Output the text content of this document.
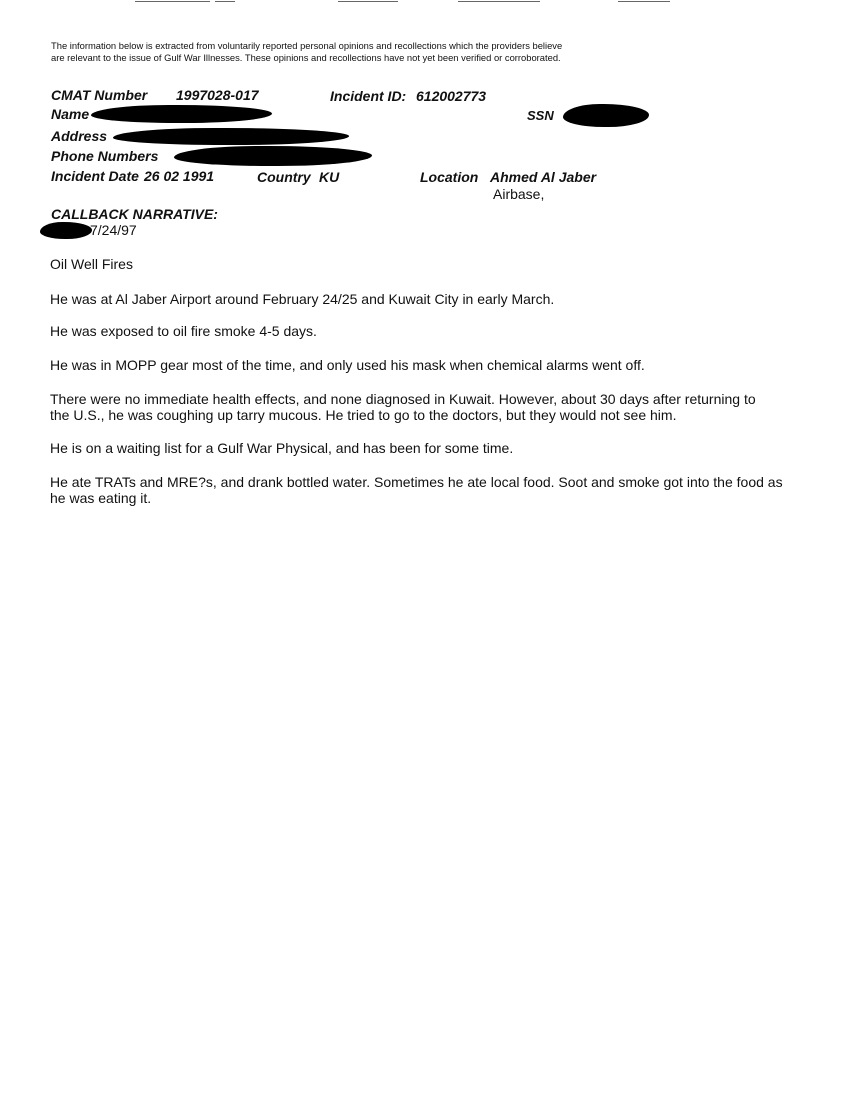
The information below is extracted from voluntarily reported personal opinions and recollections which the providers believe are relevant to the issue of Gulf War Illnesses. These opinions and recollections have not yet been verified or corroborated.
CMAT Number 1997028-017	Incident ID: 612002773
Name	SSN
Address
Phone Numbers
Incident Date 26 02 1991	Country KU	Location Ahmed Al Jaber
Airbase,
CALLBACK NARRATIVE:
7/24/97
Oil Well Fires
He was at Al Jaber Airport around February 24/25 and Kuwait City in early March.
He was exposed to oil fire smoke 4-5 days.
He was in MOPP gear most of the time, and only used his mask when chemical alarms went off.
There were no immediate health effects, and none diagnosed in Kuwait. However, about 30 days after returning to the U.S., he was coughing up tarry mucous. He tried to go to the doctors, but they would not see him.
He is on a waiting list for a Gulf War Physical, and has been for some time.
He ate TRATs and MRE?s, and drank bottled water. Sometimes he ate local food. Soot and smoke got into the food as he was eating it.
